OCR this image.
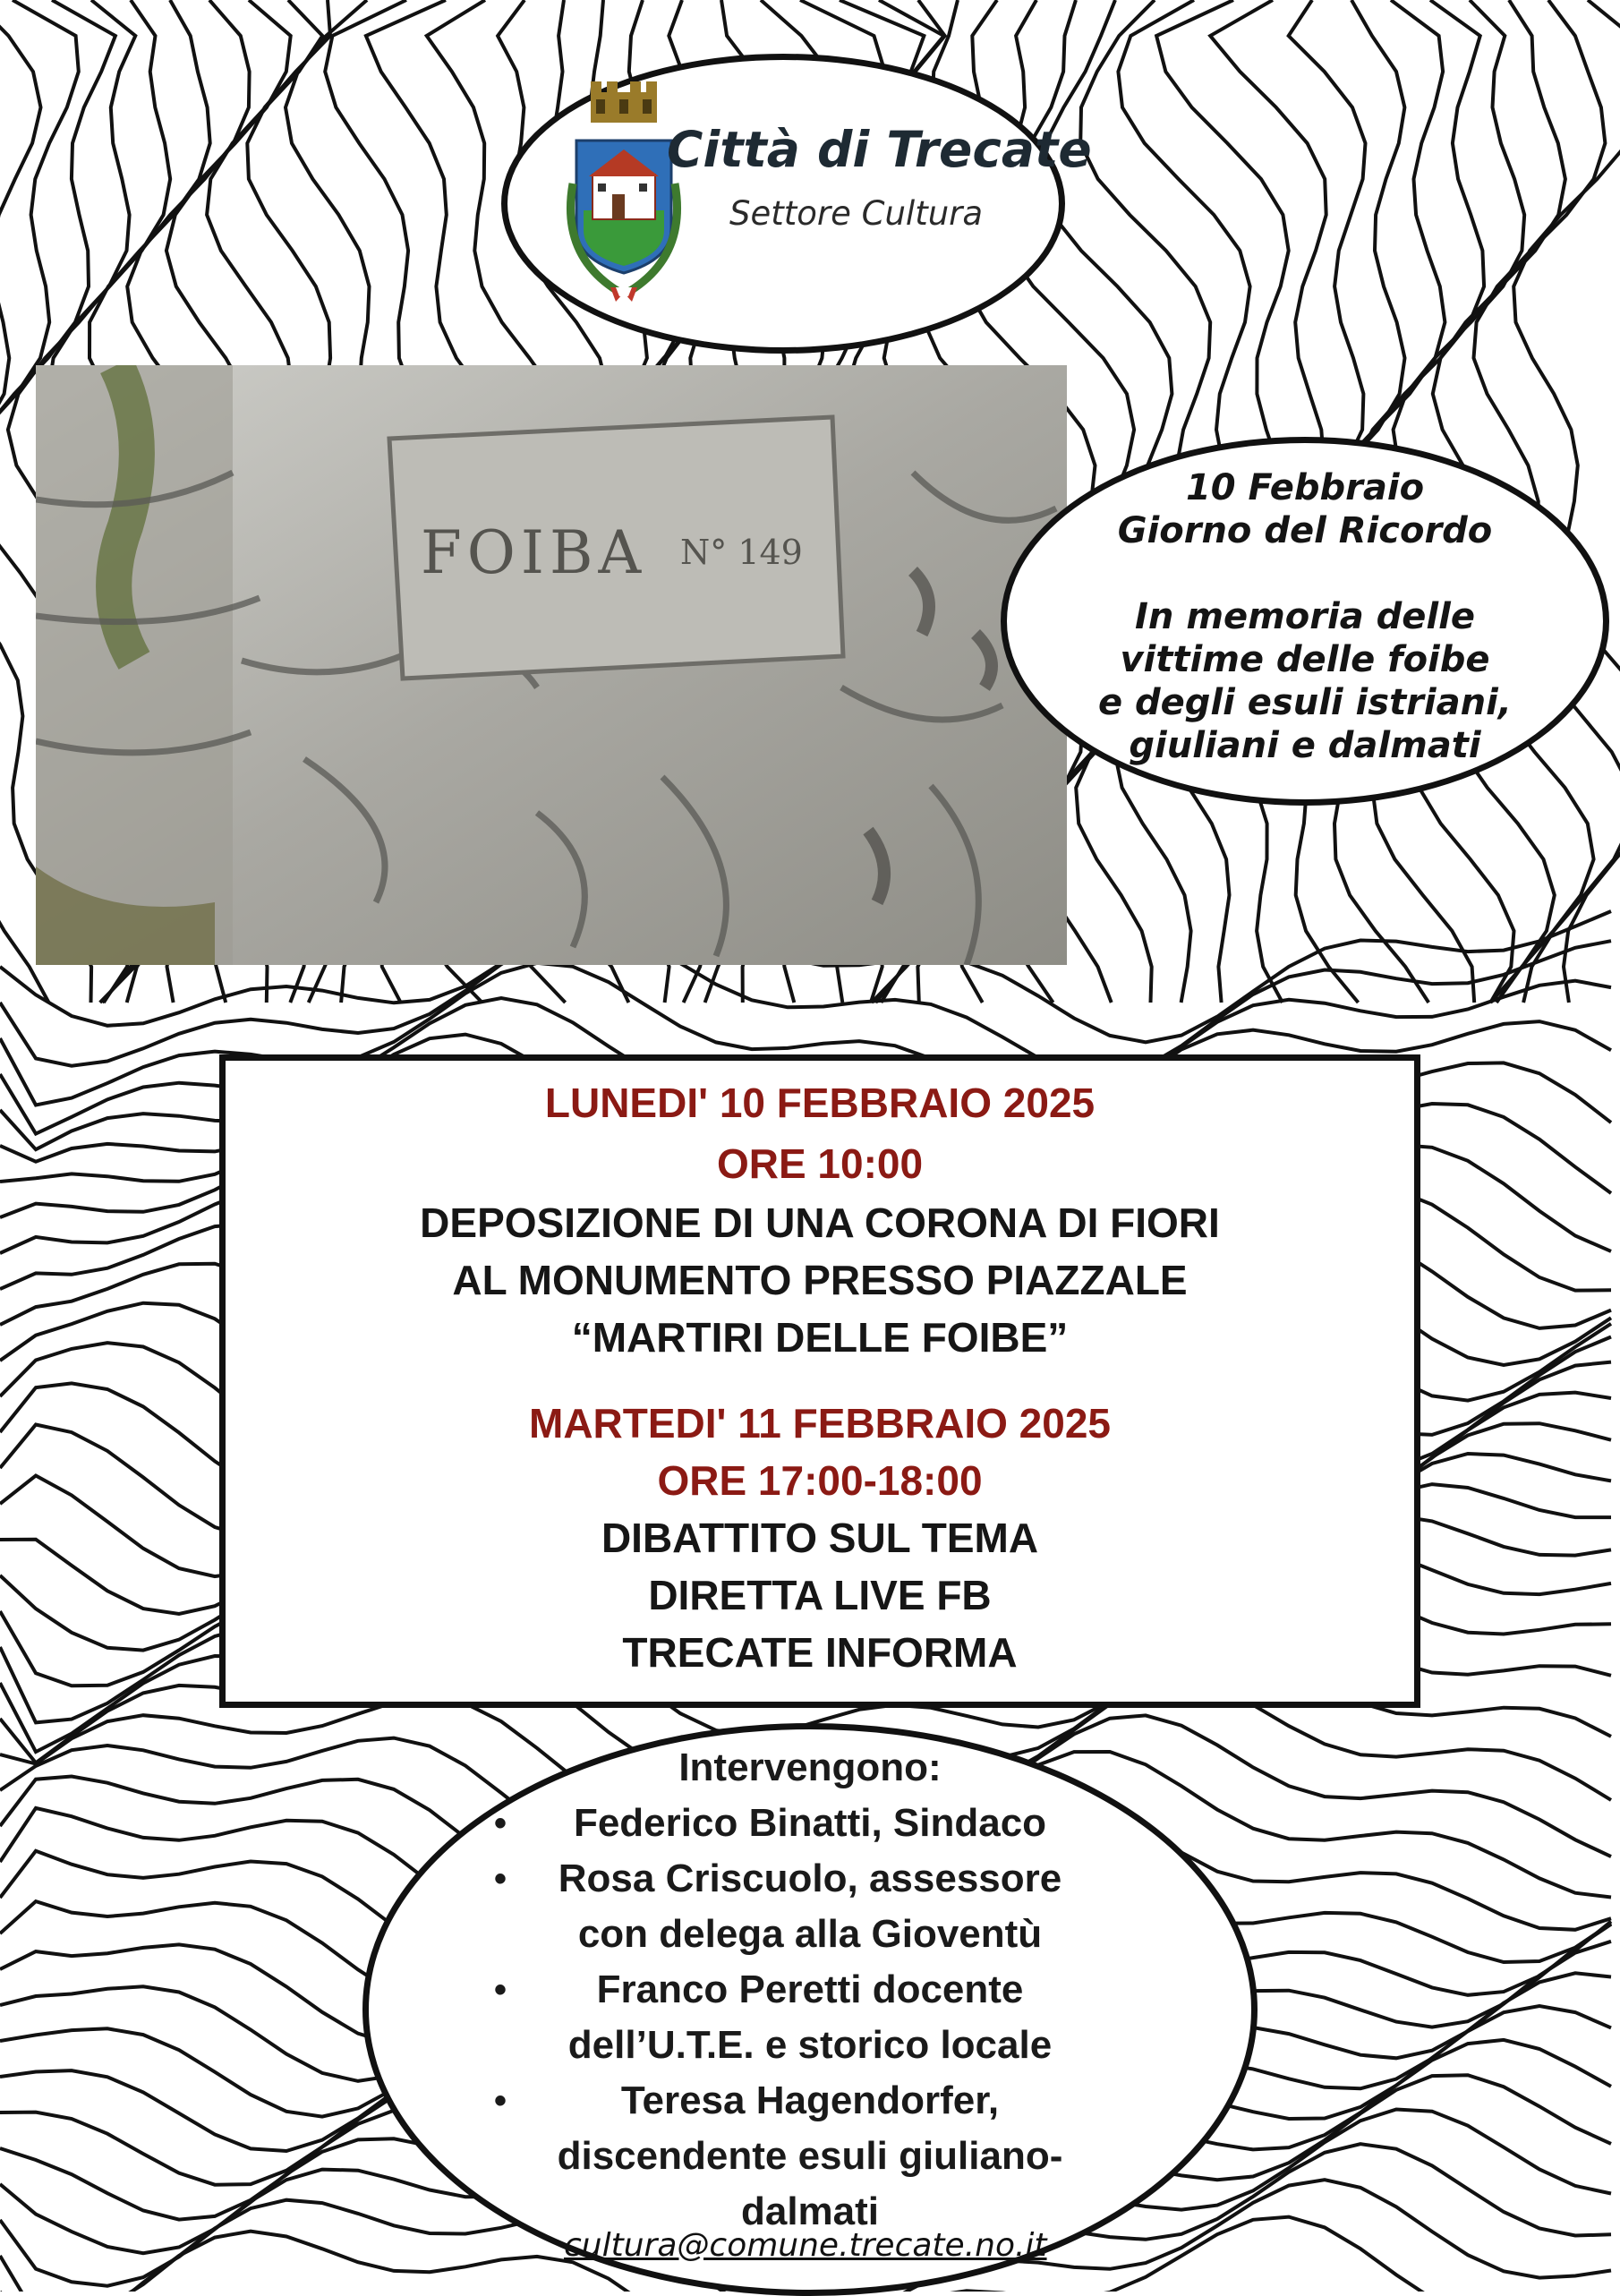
Città di Trecate
Settore Cultura
FOIBA N° 149
10 Febbraio
Giorno del Ricordo
In memoria delle
vittime delle foibe
e degli esuli istriani,
giuliani e dalmati
LUNEDI' 10 FEBBRAIO 2025
ORE 10:00
DEPOSIZIONE DI UNA CORONA DI FIORI
AL MONUMENTO PRESSO PIAZZALE
“MARTIRI DELLE FOIBE”
MARTEDI' 11 FEBBRAIO 2025
ORE 17:00-18:00
DIBATTITO SUL TEMA
DIRETTA LIVE FB
TRECATE INFORMA
Intervengono:
• Federico Binatti, Sindaco
• Rosa Criscuolo, assessore
con delega alla Gioventù
• Franco Peretti docente
dell’U.T.E. e storico locale
•	Teresa Hagendorfer,
discendente esuli giuliano-
dalmati
cultura@comune.trecate.no.it
